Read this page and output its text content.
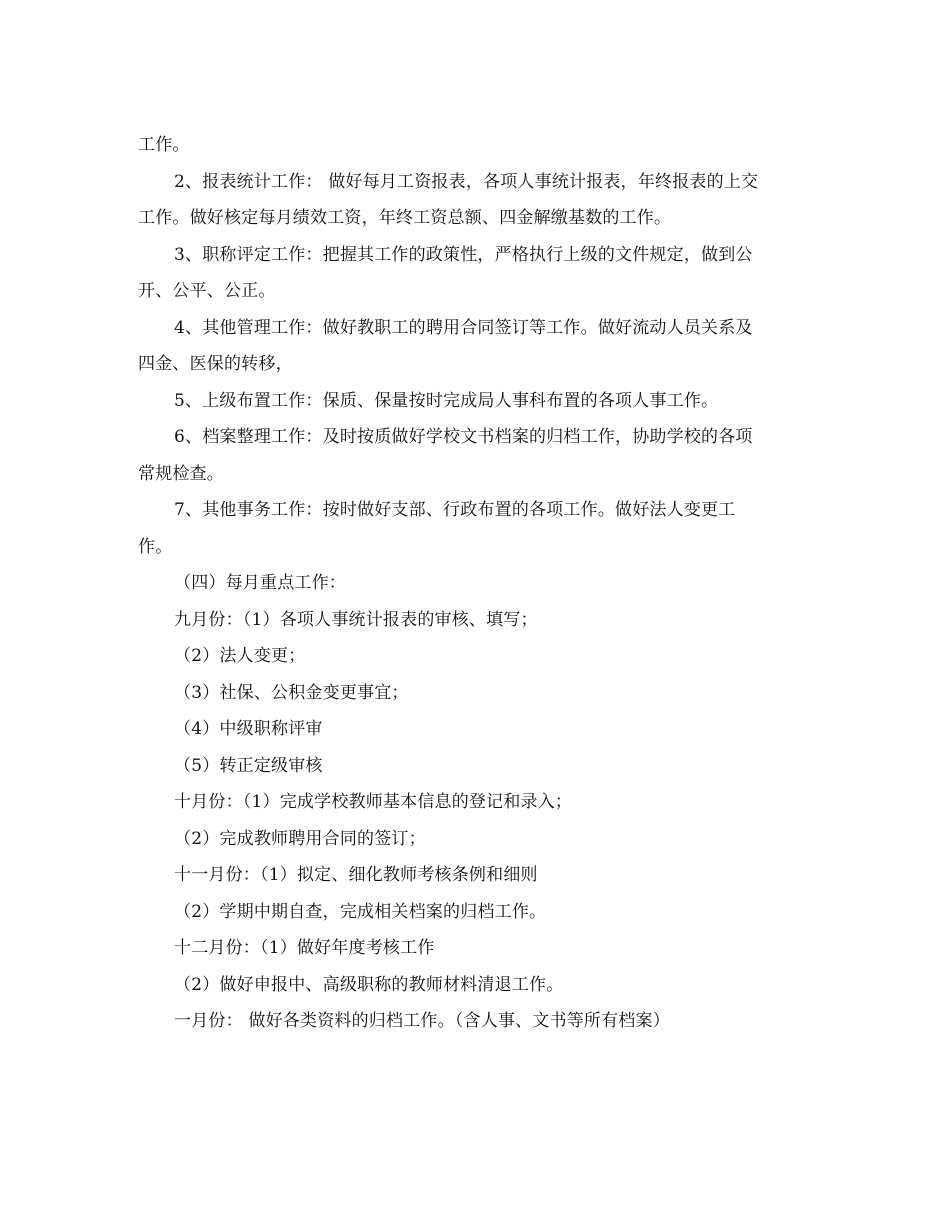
工作。
2、报表统计工作： 做好每月工资报表，各项人事统计报表，年终报表的上交
工作。做好核定每月绩效工资，年终工资总额、四金解缴基数的工作。
3、职称评定工作：把握其工作的政策性，严格执行上级的文件规定，做到公
开、公平、公正。
4、其他管理工作：做好教职工的聘用合同签订等工作。做好流动人员关系及
四金、医保的转移，
5、上级布置工作：保质、保量按时完成局人事科布置的各项人事工作。
6、档案整理工作：及时按质做好学校文书档案的归档工作，协助学校的各项
常规检查。
7、其他事务工作：按时做好支部、行政布置的各项工作。做好法人变更工
作。
（四）每月重点工作：
九月份：（1）各项人事统计报表的审核、填写；
（2）法人变更；
（3）社保、公积金变更事宜；
（4）中级职称评审
（5）转正定级审核
十月份：（1）完成学校教师基本信息的登记和录入；
（2）完成教师聘用合同的签订；
十一月份：（1）拟定、细化教师考核条例和细则
（2）学期中期自查，完成相关档案的归档工作。
十二月份：（1）做好年度考核工作
（2）做好申报中、高级职称的教师材料清退工作。
一月份： 做好各类资料的归档工作。（含人事、文书等所有档案）
